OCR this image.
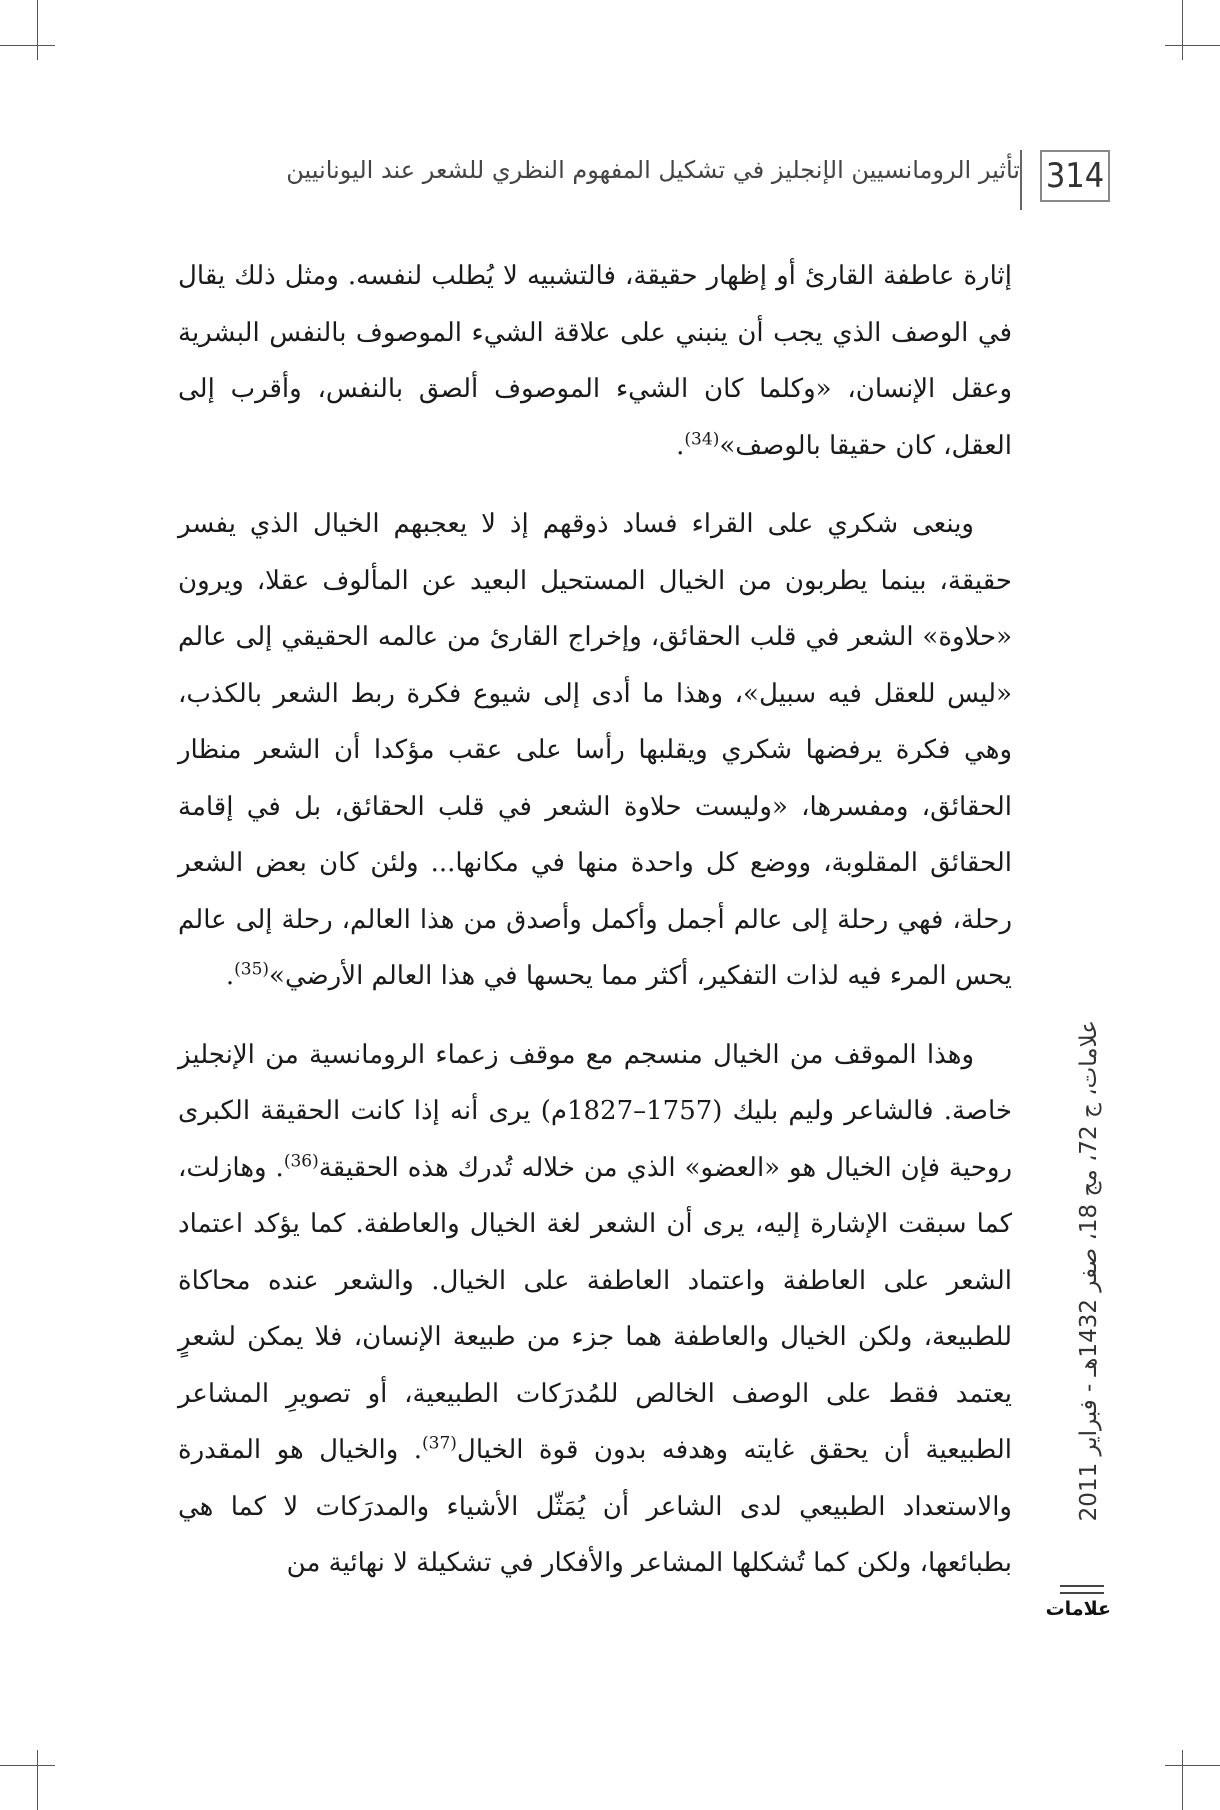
314
تأثير الرومانسيين الإنجليز في تشكيل المفهوم النظري للشعر عند اليونانيين

إثارة عاطفة القارئ أو إظهار حقيقة، فالتشبيه لا يُطلب لنفسه. ومثل ذلك يقال في الوصف الذي يجب أن ينبني على علاقة الشيء الموصوف بالنفس البشرية وعقل الإنسان، «وكلما كان الشيء الموصوف ألصق بالنفس، وأقرب إلى العقل، كان حقيقا بالوصف»$^{(34)}$.

وينعى شكري على القراء فساد ذوقهم إذ لا يعجبهم الخيال الذي يفسر حقيقة، بينما يطربون من الخيال المستحيل البعيد عن المألوف عقلا، ويرون «حلاوة» الشعر في قلب الحقائق، وإخراج القارئ من عالمه الحقيقي إلى عالم «ليس للعقل فيه سبيل»، وهذا ما أدى إلى شيوع فكرة ربط الشعر بالكذب، وهي فكرة يرفضها شكري ويقلبها رأسا على عقب مؤكدا أن الشعر منظار الحقائق، ومفسرها، «وليست حلاوة الشعر في قلب الحقائق، بل في إقامة الحقائق المقلوبة، ووضع كل واحدة منها في مكانها... ولئن كان بعض الشعر رحلة، فهي رحلة إلى عالم أجمل وأكمل وأصدق من هذا العالم، رحلة إلى عالم يحس المرء فيه لذات التفكير، أكثر مما يحسها في هذا العالم الأرضي»$^{(35)}$.

وهذا الموقف من الخيال منسجم مع موقف زعماء الرومانسية من الإنجليز خاصة. فالشاعر وليم بليك (1757–1827م) يرى أنه إذا كانت الحقيقة الكبرى روحية فإن الخيال هو «العضو» الذي من خلاله تُدرك هذه الحقيقة$^{(36)}$. وهازلت، كما سبقت الإشارة إليه، يرى أن الشعر لغة الخيال والعاطفة. كما يؤكد اعتماد الشعر على العاطفة واعتماد العاطفة على الخيال. والشعر عنده محاكاة للطبيعة، ولكن الخيال والعاطفة هما جزء من طبيعة الإنسان، فلا يمكن لشعرٍ يعتمد فقط على الوصف الخالص للمُدرَكات الطبيعية، أو تصويرِ المشاعر الطبيعية أن يحقق غايته وهدفه بدون قوة الخيال$^{(37)}$. والخيال هو المقدرة والاستعداد الطبيعي لدى الشاعر أن يُمَثّل الأشياء والمدرَكات لا كما هي بطبائعها، ولكن كما تُشكلها المشاعر والأفكار في تشكيلة لا نهائية من

علامات، ج 72، مج 18، صفر 1432هـ - فبراير 2011
علامات
